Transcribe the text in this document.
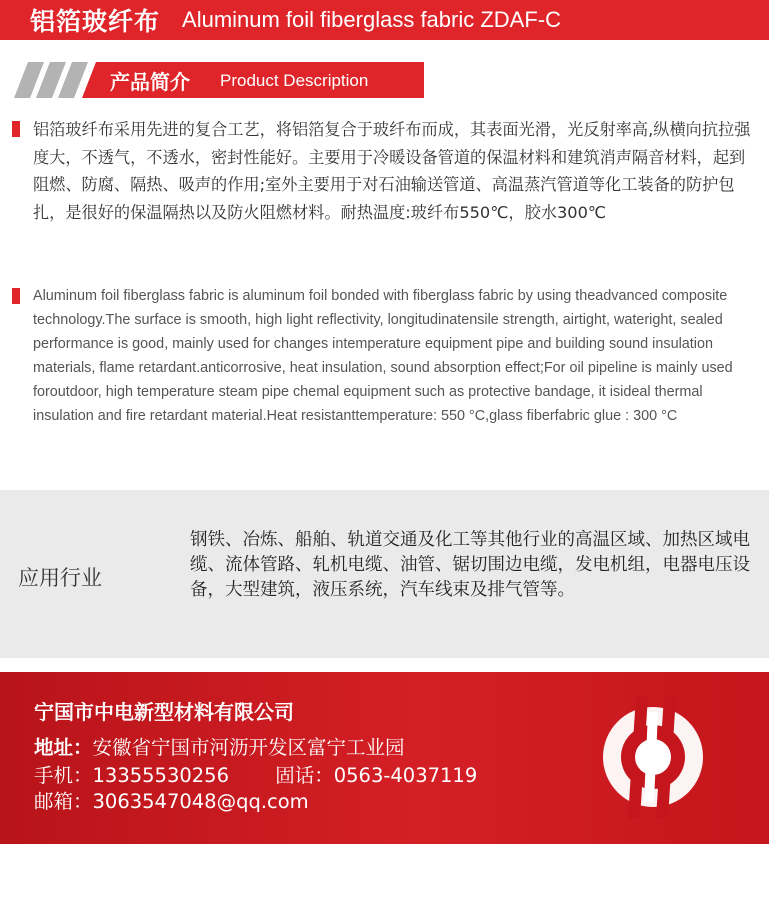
铝箔玻纤布 Aluminum foil fiberglass fabric ZDAF-C
产品简介 Product Description
铝箔玻纤布采用先进的复合工艺，将铝箔复合于玻纤布而成，其表面光滑，光反射率高,纵横向抗拉强度大，不透气，不透水，密封性能好。主要用于冷暖设备管道的保温材料和建筑消声隔音材料，起到阻燃、防腐、隔热、吸声的作用;室外主要用于对石油输送管道、高温蒸汽管道等化工装备的防护包扎，是很好的保温隔热以及防火阻燃材料。耐热温度:玻纤布550℃，胶水300℃
Aluminum foil fiberglass fabric is aluminum foil bonded with fiberglass fabric by using theadvanced composite technology.The surface is smooth, high light reflectivity, longitudinatensile strength, airtight, wateright, sealed performance is good, mainly used for changes intemperature equipment pipe and building sound insulation materials, flame retardant.anticorrosive, heat insulation, sound absorption effect;For oil pipeline is mainly used foroutdoor, high temperature steam pipe chemal equipment such as protective bandage, it isideal thermal insulation and fire retardant material.Heat resistanttemperature: 550 °C,glass fiberfabric glue : 300 °C
应用行业
钢铁、冶炼、船舶、轨道交通及化工等其他行业的高温区域、加热区域电缆、流体管路、轧机电缆、油管、锯切围边电缆，发电机组，电器电压设备，大型建筑，液压系统，汽车线束及排气管等。
宁国市中电新型材料有限公司
地址：安徽省宁国市河沥开发区富宁工业园
手机：13355530256 固话：0563-4037119
邮箱：3063547048@qq.com
